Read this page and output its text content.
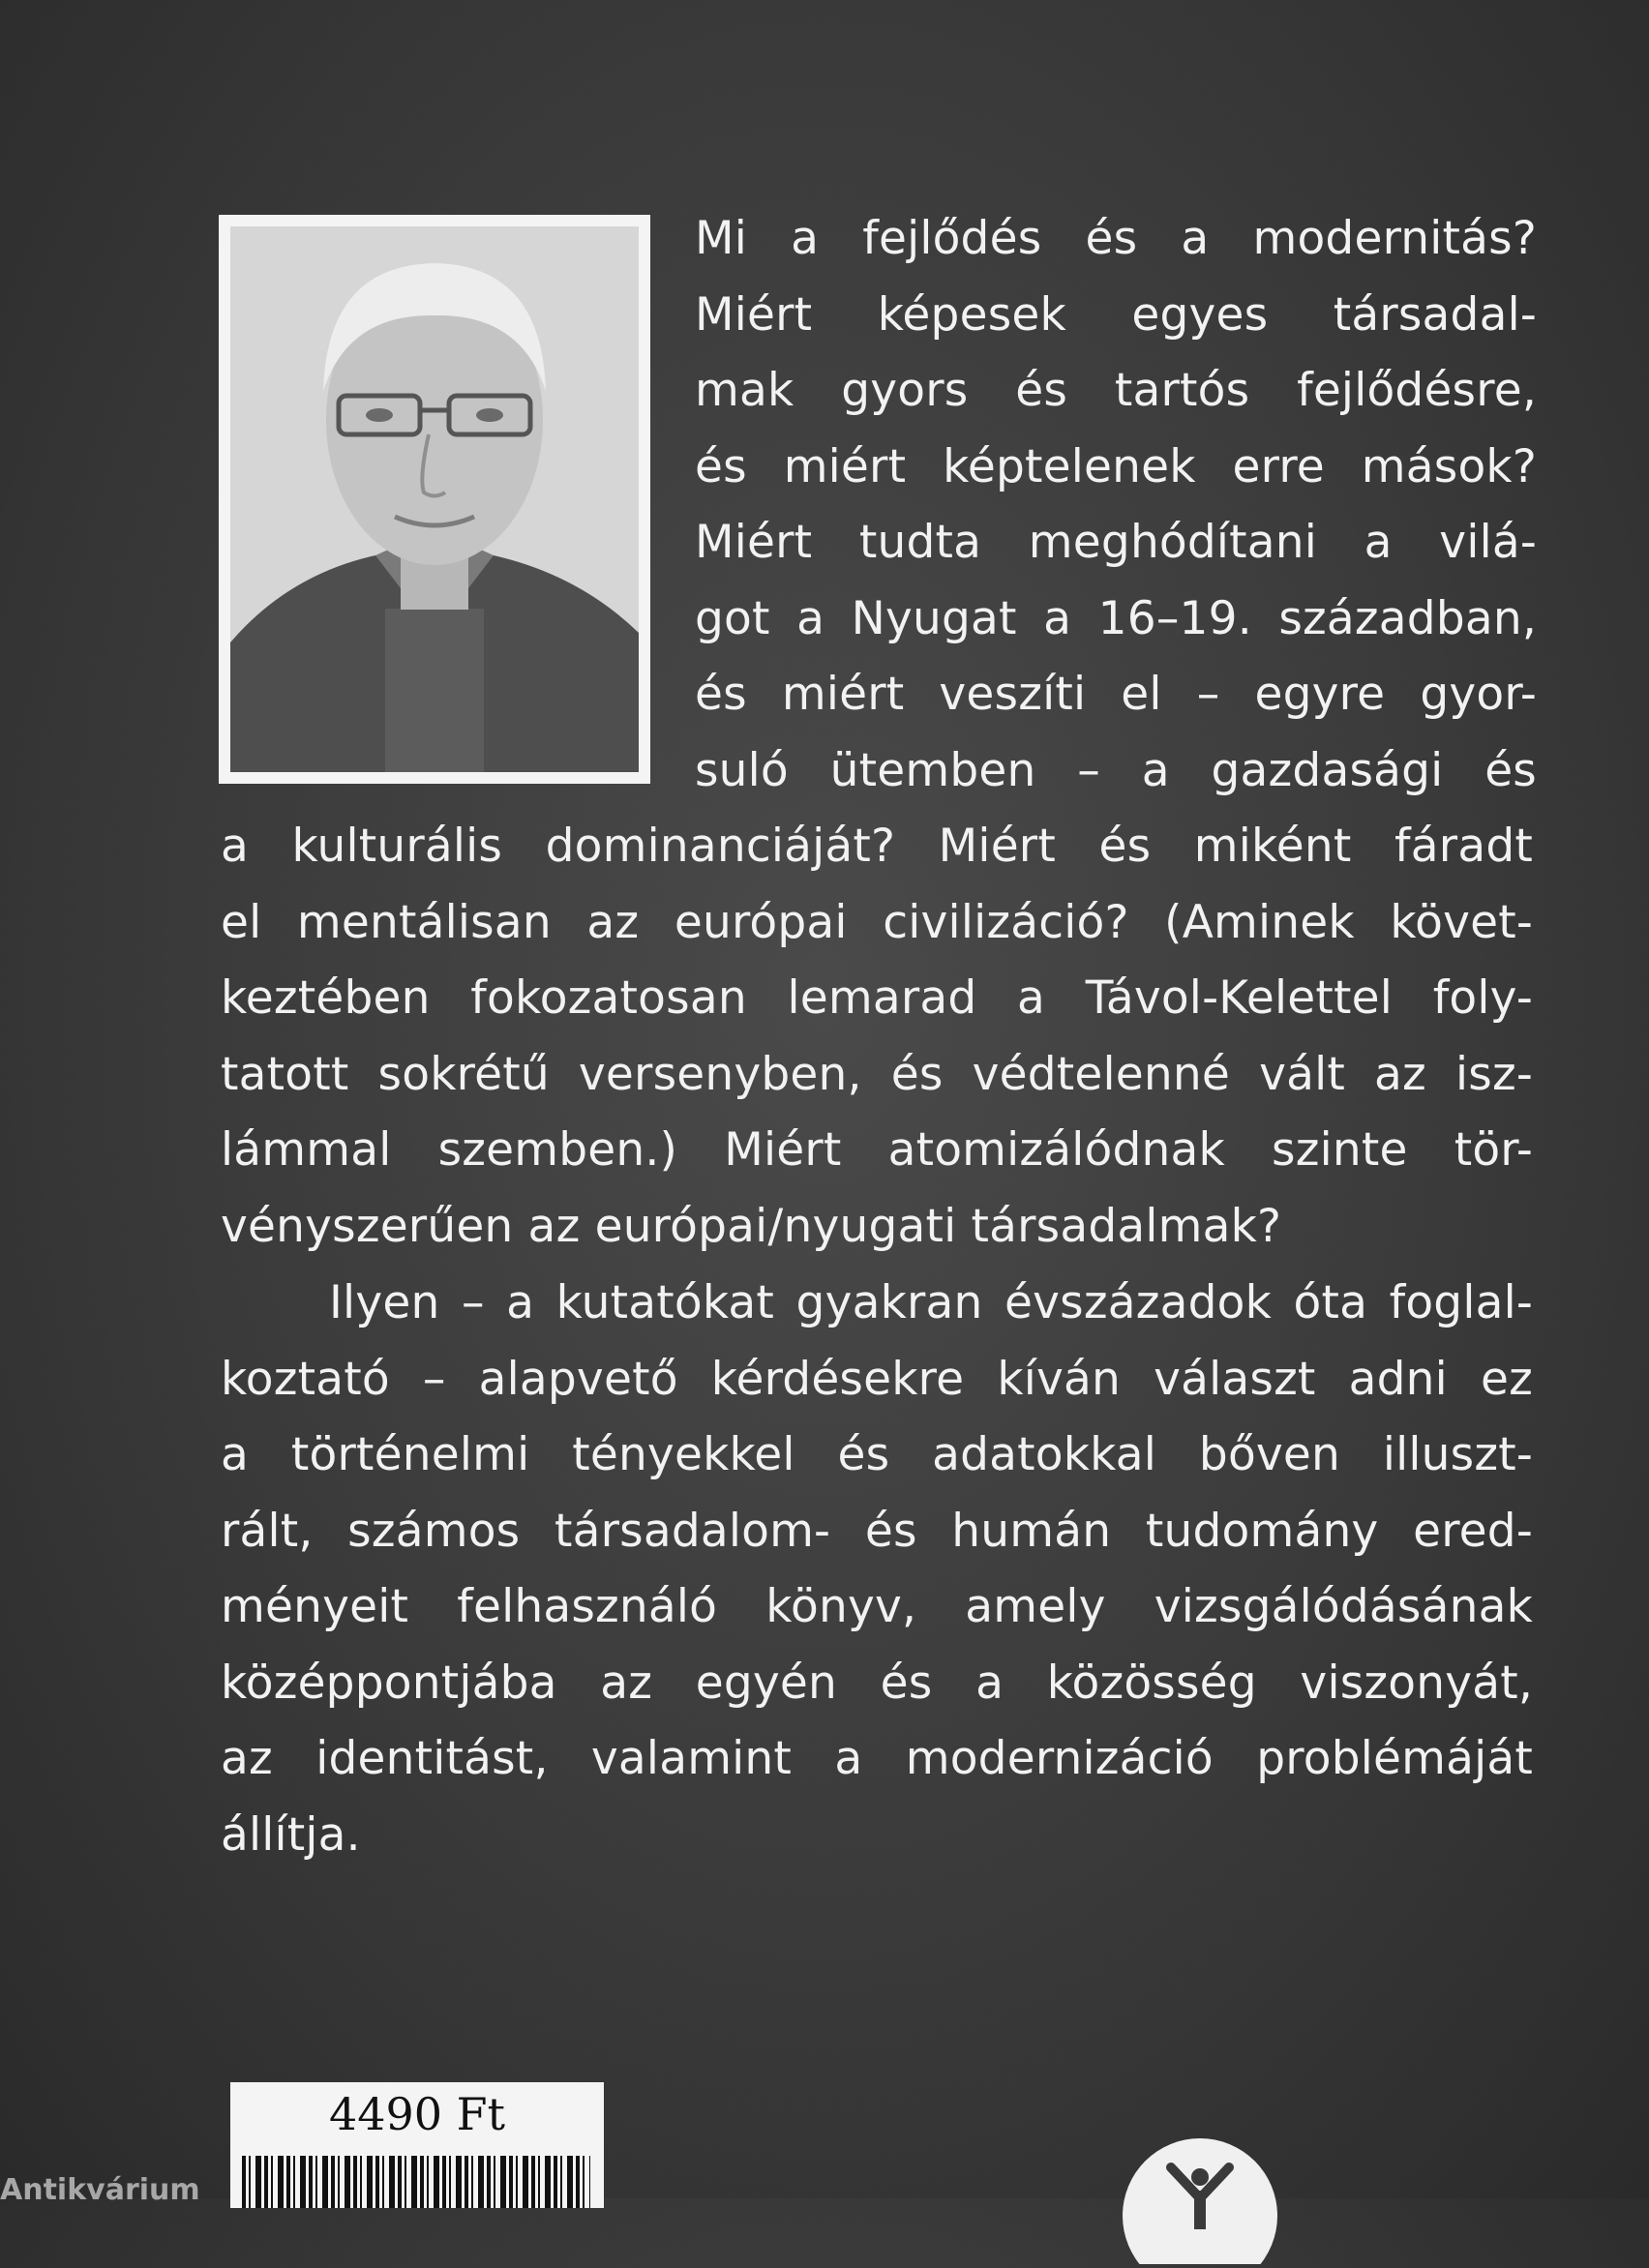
Mi a fejlődés és a modernitás?
Miért képesek egyes társadal-
mak gyors és tartós fejlődésre,
és miért képtelenek erre mások?
Miért tudta meghódítani a vilá-
got a Nyugat a 16–19. században,
és miért veszíti el – egyre gyor-
suló ütemben – a gazdasági és
a kulturális dominanciáját? Miért és miként fáradt
el mentálisan az európai civilizáció? (Aminek követ-
keztében fokozatosan lemarad a Távol-Kelettel foly-
tatott sokrétű versenyben, és védtelenné vált az isz-
lámmal szemben.) Miért atomizálódnak szinte tör-
vényszerűen az európai/nyugati társadalmak?
Ilyen – a kutatókat gyakran évszázadok óta foglal-
koztató – alapvető kérdésekre kíván választ adni ez
a történelmi tényekkel és adatokkal bőven illuszt-
rált, számos társadalom- és humán tudomány ered-
ményeit felhasználó könyv, amely vizsgálódásának
középpontjába az egyén és a közösség viszonyát,
az identitást, valamint a modernizáció problémáját
állítja.
4490 Ft
Antikvárium
